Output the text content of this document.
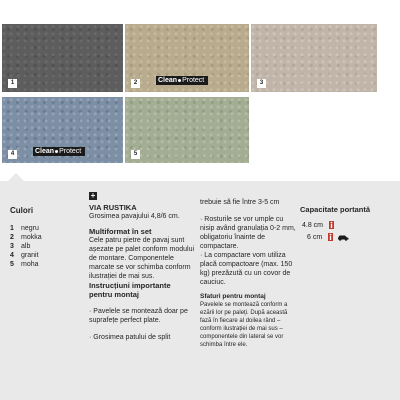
1	2	Clean Protect	3
4	Clean Protect	5
Culori
1 negru
2 mokka
3 alb
4 granit
5 moha
+

VIA RUSTIKA

Grosimea pavajului 4,8/6 cm.

Multiformat în set

Cele patru pietre de pavaj sunt așezate pe palet conform modului de montare. Componentele marcate se vor schimba conform ilustrației de mai sus.

Instrucțiuni importante pentru montaj

· Pavelele se montează doar pe suprafețe perfect plate.

· Grosimea patului de split

trebuie să fie între 3-5 cm

· Rosturile se vor umple cu nisip având granulația 0-2 mm, obligatoriu înainte de compactare.

· La compactare vom utiliza placă compactoare (max. 150 kg) prezăzută cu un covor de cauciuc.

Sfaturi pentru montaj

Pavelele se montează conform a ezării lor pe paleți. După această fază în fiecare al doilea rând – conform ilustrației de mai sus – componentele din lateral se vor schimba între ele.

Capacitate portantă

4.8 cm
6 cm
